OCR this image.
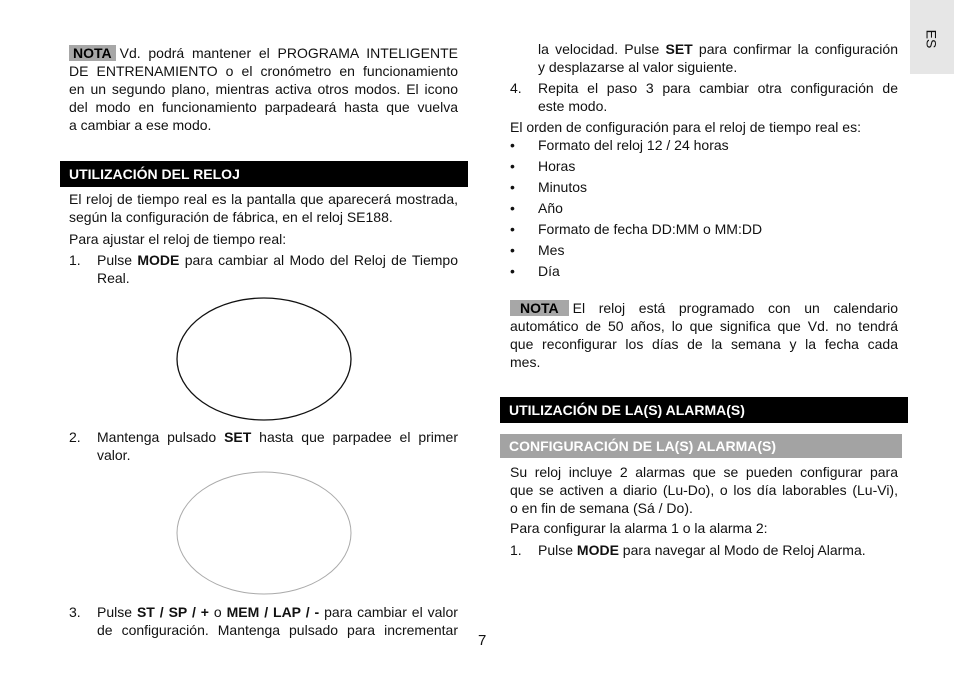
ES
NOTA Vd. podrá mantener el PROGRAMA INTELIGENTE
DE ENTRENAMIENTO o el cronómetro en funcionamiento
en un segundo plano, mientras activa otros modos. El icono
del modo en funcionamiento parpadeará hasta que vuelva
a cambiar a ese modo.
UTILIZACIÓN DEL RELOJ
El reloj de tiempo real es la pantalla que aparecerá mostrada,
según la configuración de fábrica, en el reloj SE188.
Para ajustar el reloj de tiempo real:
1. Pulse MODE para cambiar al Modo del Reloj de Tiempo
Real.
2. Mantenga pulsado SET hasta que parpadee el primer
valor.
3. Pulse ST / SP / + o MEM / LAP / - para cambiar el valor
de configuración. Mantenga pulsado para incrementar
7
la velocidad. Pulse SET para confirmar la configuración
y desplazarse al valor siguiente.
4. Repita el paso 3 para cambiar otra configuración de
este modo.
El orden de configuración para el reloj de tiempo real es:
• Formato del reloj 12 / 24 horas
• Horas
• Minutos
• Año
• Formato de fecha DD:MM o MM:DD
• Mes
• Día
NOTA El reloj está programado con un calendario
automático de 50 años, lo que significa que Vd. no tendrá
que reconfigurar los días de la semana y la fecha cada
mes.
UTILIZACIÓN DE LA(S) ALARMA(S)
CONFIGURACIÓN DE LA(S) ALARMA(S)
Su reloj incluye 2 alarmas que se pueden configurar para
que se activen a diario (Lu-Do), o los día laborables (Lu-Vi),
o en fin de semana (Sá / Do).
Para configurar la alarma 1 o la alarma 2:
1. Pulse MODE para navegar al Modo de Reloj Alarma.
